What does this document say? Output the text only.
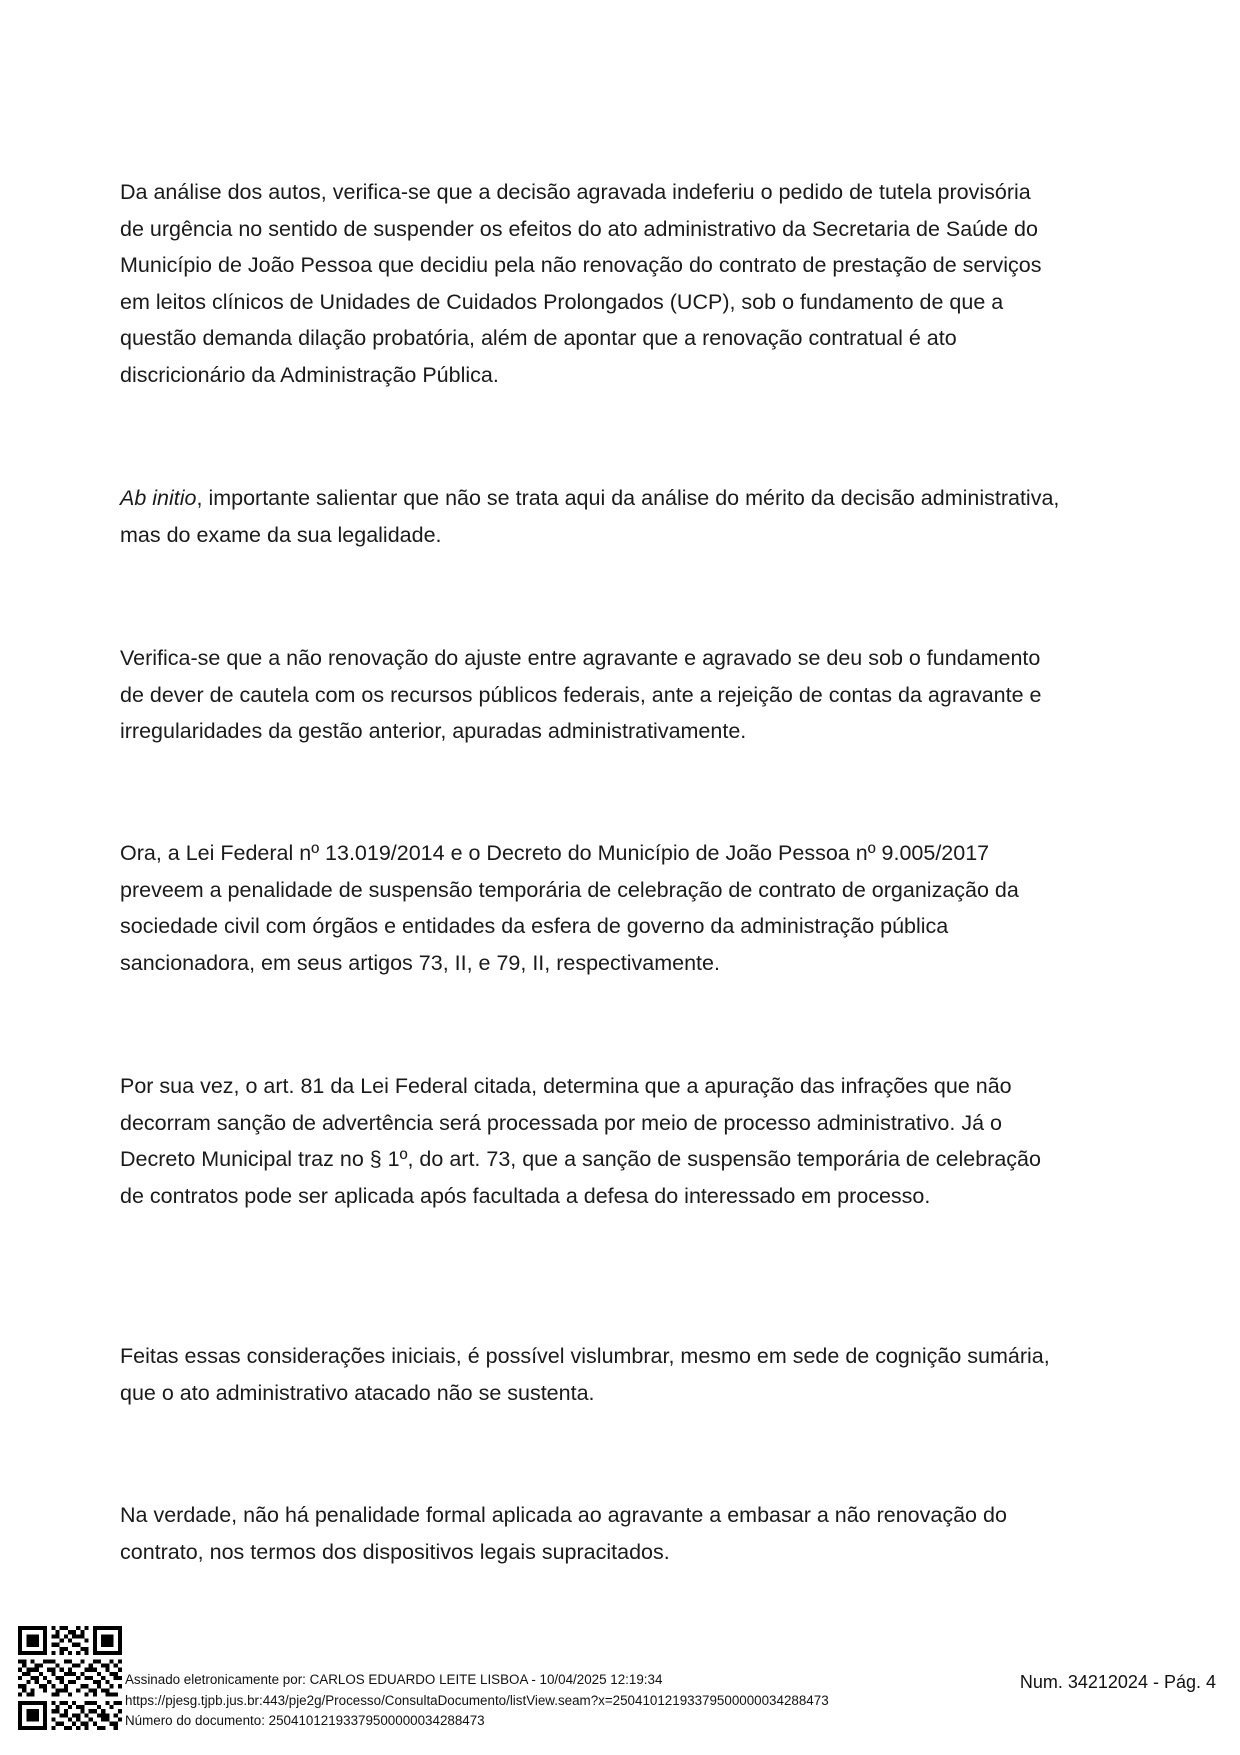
Da análise dos autos, verifica-se que a decisão agravada indeferiu o pedido de tutela provisória de urgência no sentido de suspender os efeitos do ato administrativo da Secretaria de Saúde do Município de João Pessoa que decidiu pela não renovação do contrato de prestação de serviços em leitos clínicos de Unidades de Cuidados Prolongados (UCP), sob o fundamento de que a questão demanda dilação probatória, além de apontar que a renovação contratual é ato discricionário da Administração Pública.

Ab initio, importante salientar que não se trata aqui da análise do mérito da decisão administrativa, mas do exame da sua legalidade.

Verifica-se que a não renovação do ajuste entre agravante e agravado se deu sob o fundamento de dever de cautela com os recursos públicos federais, ante a rejeição de contas da agravante e irregularidades da gestão anterior, apuradas administrativamente.

Ora, a Lei Federal nº 13.019/2014 e o Decreto do Município de João Pessoa nº 9.005/2017 preveem a penalidade de suspensão temporária de celebração de contrato de organização da sociedade civil com órgãos e entidades da esfera de governo da administração pública sancionadora, em seus artigos 73, II, e 79, II, respectivamente.

Por sua vez, o art. 81 da Lei Federal citada, determina que a apuração das infrações que não decorram sanção de advertência será processada por meio de processo administrativo. Já o Decreto Municipal traz no § 1º, do art. 73, que a sanção de suspensão temporária de celebração de contratos pode ser aplicada após facultada a defesa do interessado em processo.

Feitas essas considerações iniciais, é possível vislumbrar, mesmo em sede de cognição sumária, que o ato administrativo atacado não se sustenta.

Na verdade, não há penalidade formal aplicada ao agravante a embasar a não renovação do contrato, nos termos dos dispositivos legais supracitados.

Assinado eletronicamente por: CARLOS EDUARDO LEITE LISBOA - 10/04/2025 12:19:34
https://pjesg.tjpb.jus.br:443/pje2g/Processo/ConsultaDocumento/listView.seam?x=25041012193379500000034288473
Número do documento: 25041012193379500000034288473
Num. 34212024 - Pág. 4
